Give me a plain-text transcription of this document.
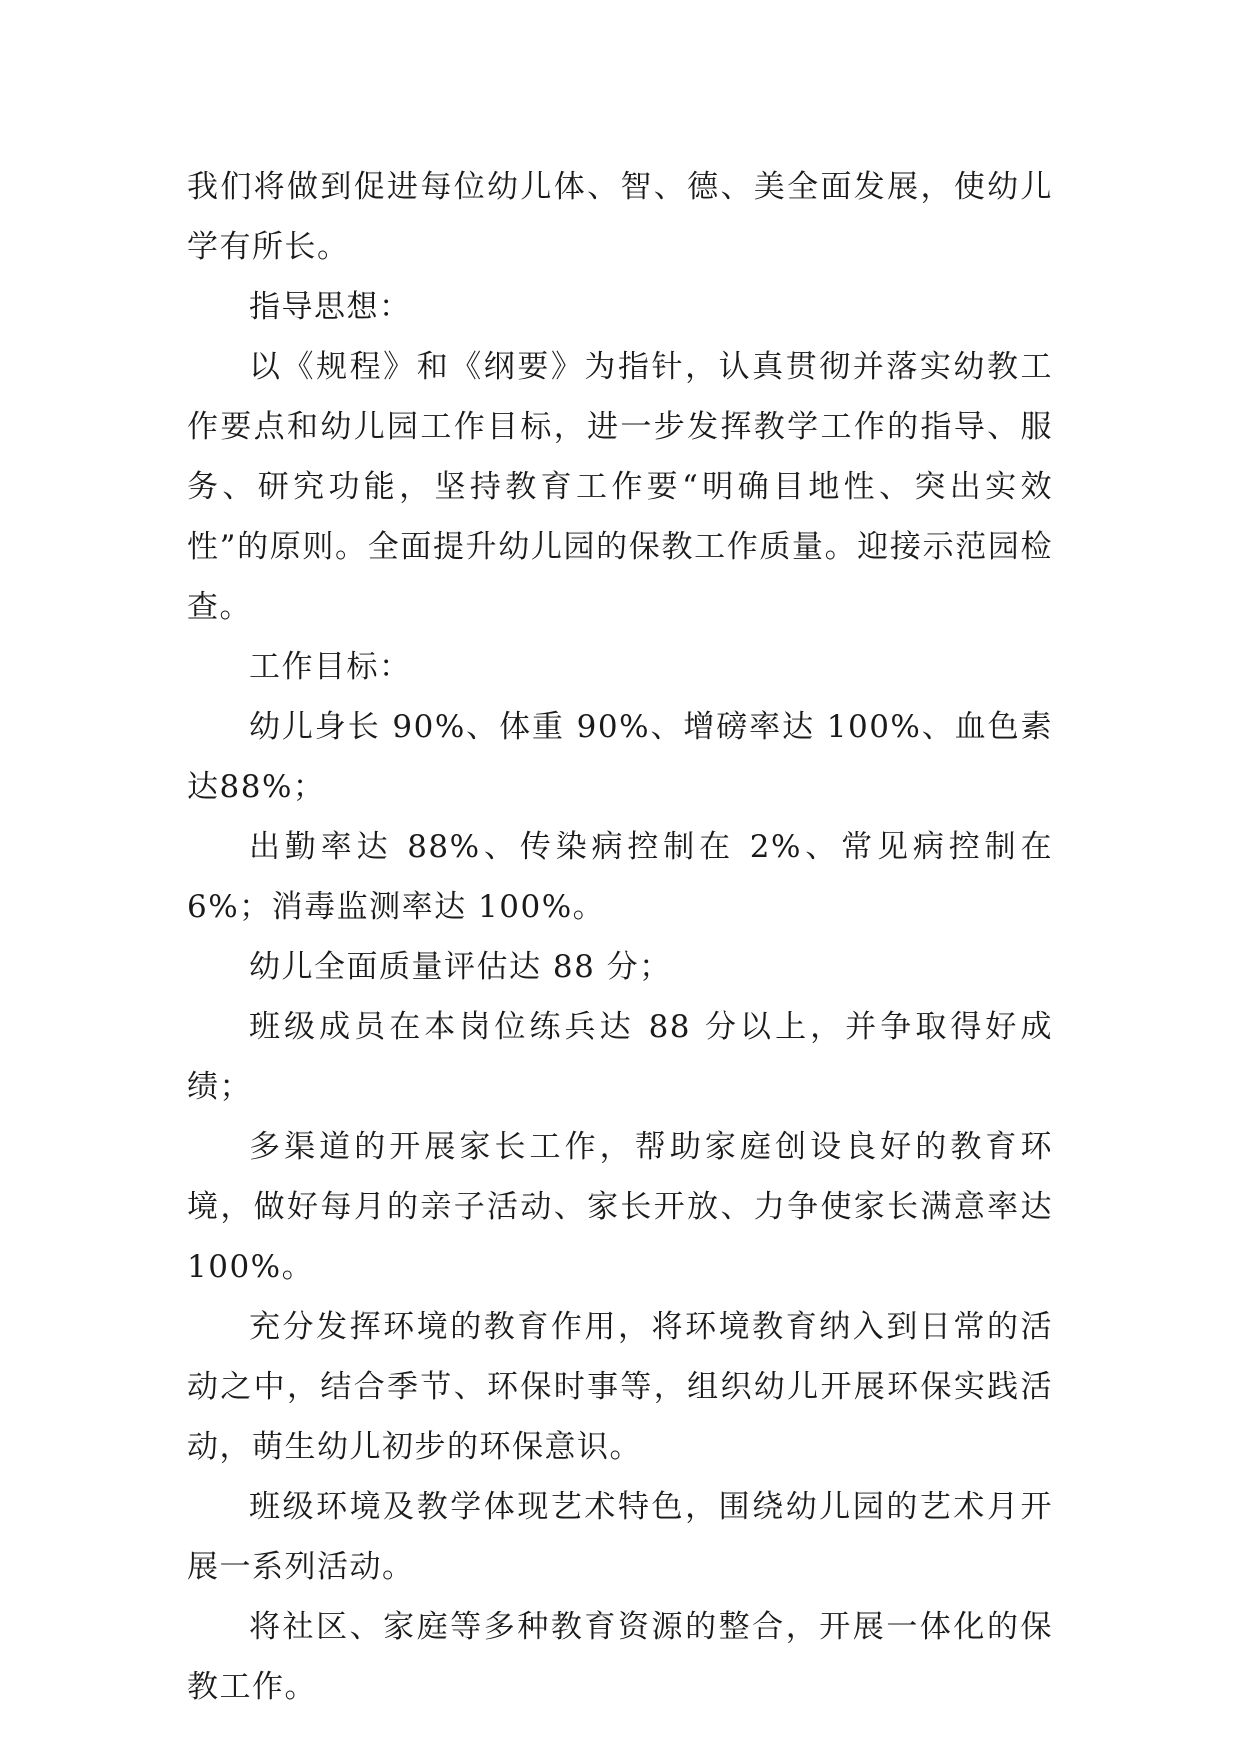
我们将做到促进每位幼儿体、智、德、美全面发展，使幼儿学有所长。

指导思想：

以《规程》和《纲要》为指针，认真贯彻并落实幼教工作要点和幼儿园工作目标，进一步发挥教学工作的指导、服务、研究功能，坚持教育工作要“明确目地性、突出实效性”的原则。全面提升幼儿园的保教工作质量。迎接示范园检查。

工作目标：

幼儿身长 90%、体重 90%、增磅率达 100%、血色素达88%；

出勤率达 88%、传染病控制在 2%、常见病控制在 6%；消毒监测率达 100%。

幼儿全面质量评估达 88 分；

班级成员在本岗位练兵达 88 分以上，并争取得好成绩；

多渠道的开展家长工作，帮助家庭创设良好的教育环境，做好每月的亲子活动、家长开放、力争使家长满意率达100%。

充分发挥环境的教育作用，将环境教育纳入到日常的活动之中，结合季节、环保时事等，组织幼儿开展环保实践活动，萌生幼儿初步的环保意识。

班级环境及教学体现艺术特色，围绕幼儿园的艺术月开展一系列活动。

将社区、家庭等多种教育资源的整合，开展一体化的保教工作。
